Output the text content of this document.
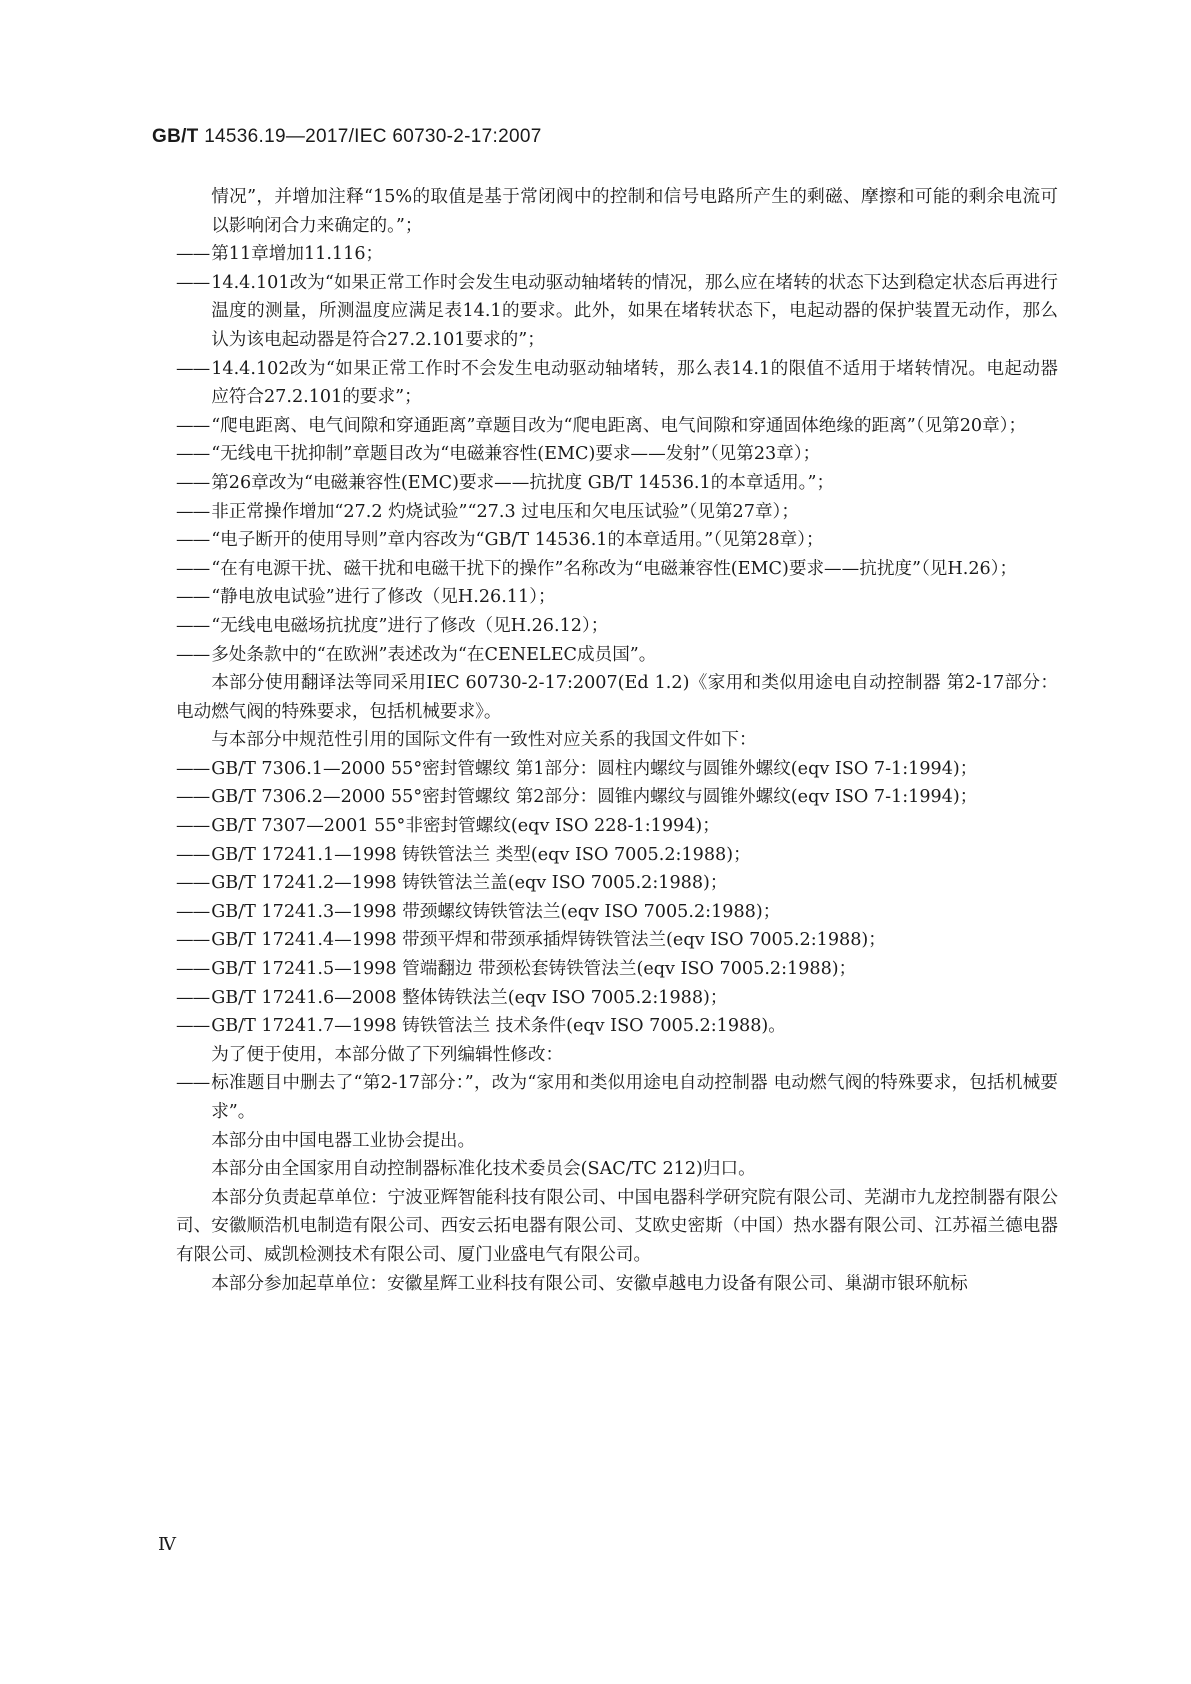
GB/T 14536.19—2017/IEC 60730-2-17:2007

情况”，并增加注释“15%的取值是基于常闭阀中的控制和信号电路所产生的剩磁、摩擦和可能的剩余电流可以影响闭合力来确定的。”；

—— 第11章增加11.116；

—— 14.4.101改为“如果正常工作时会发生电动驱动轴堵转的情况，那么应在堵转的状态下达到稳定状态后再进行温度的测量，所测温度应满足表14.1的要求。此外，如果在堵转状态下，电起动器的保护装置无动作，那么认为该电起动器是符合27.2.101要求的”；

—— 14.4.102改为“如果正常工作时不会发生电动驱动轴堵转，那么表14.1的限值不适用于堵转情况。电起动器应符合27.2.101的要求”；

—— “爬电距离、电气间隙和穿通距离”章题目改为“爬电距离、电气间隙和穿通固体绝缘的距离”（见第20章）；

—— “无线电干扰抑制”章题目改为“电磁兼容性(EMC)要求——发射”（见第23章）；

—— 第26章改为“电磁兼容性(EMC)要求——抗扰度 GB/T 14536.1的本章适用。”；

—— 非正常操作增加“27.2 灼烧试验”“27.3 过电压和欠电压试验”（见第27章）；

—— “电子断开的使用导则”章内容改为“GB/T 14536.1的本章适用。”（见第28章）；

—— “在有电源干扰、磁干扰和电磁干扰下的操作”名称改为“电磁兼容性(EMC)要求——抗扰度”（见H.26）；

—— “静电放电试验”进行了修改（见H.26.11）；

—— “无线电电磁场抗扰度”进行了修改（见H.26.12）；

—— 多处条款中的“在欧洲”表述改为“在CENELEC成员国”。

本部分使用翻译法等同采用IEC 60730-2-17:2007(Ed 1.2)《家用和类似用途电自动控制器 第2-17部分：电动燃气阀的特殊要求，包括机械要求》。

与本部分中规范性引用的国际文件有一致性对应关系的我国文件如下：

—— GB/T 7306.1—2000 55°密封管螺纹 第1部分：圆柱内螺纹与圆锥外螺纹(eqv ISO 7-1:1994)；

—— GB/T 7306.2—2000 55°密封管螺纹 第2部分：圆锥内螺纹与圆锥外螺纹(eqv ISO 7-1:1994)；

—— GB/T 7307—2001 55°非密封管螺纹(eqv ISO 228-1:1994)；

—— GB/T 17241.1—1998 铸铁管法兰 类型(eqv ISO 7005.2:1988)；

—— GB/T 17241.2—1998 铸铁管法兰盖(eqv ISO 7005.2:1988)；

—— GB/T 17241.3—1998 带颈螺纹铸铁管法兰(eqv ISO 7005.2:1988)；

—— GB/T 17241.4—1998 带颈平焊和带颈承插焊铸铁管法兰(eqv ISO 7005.2:1988)；

—— GB/T 17241.5—1998 管端翻边 带颈松套铸铁管法兰(eqv ISO 7005.2:1988)；

—— GB/T 17241.6—2008 整体铸铁法兰(eqv ISO 7005.2:1988)；

—— GB/T 17241.7—1998 铸铁管法兰 技术条件(eqv ISO 7005.2:1988)。

为了便于使用，本部分做了下列编辑性修改：

—— 标准题目中删去了“第2-17部分：”，改为“家用和类似用途电自动控制器 电动燃气阀的特殊要求，包括机械要求”。

本部分由中国电器工业协会提出。

本部分由全国家用自动控制器标准化技术委员会(SAC/TC 212)归口。

本部分负责起草单位：宁波亚辉智能科技有限公司、中国电器科学研究院有限公司、芜湖市九龙控制器有限公司、安徽顺浩机电制造有限公司、西安云拓电器有限公司、艾欧史密斯（中国）热水器有限公司、江苏福兰德电器有限公司、威凯检测技术有限公司、厦门业盛电气有限公司。

本部分参加起草单位：安徽星辉工业科技有限公司、安徽卓越电力设备有限公司、巢湖市银环航标

Ⅳ
